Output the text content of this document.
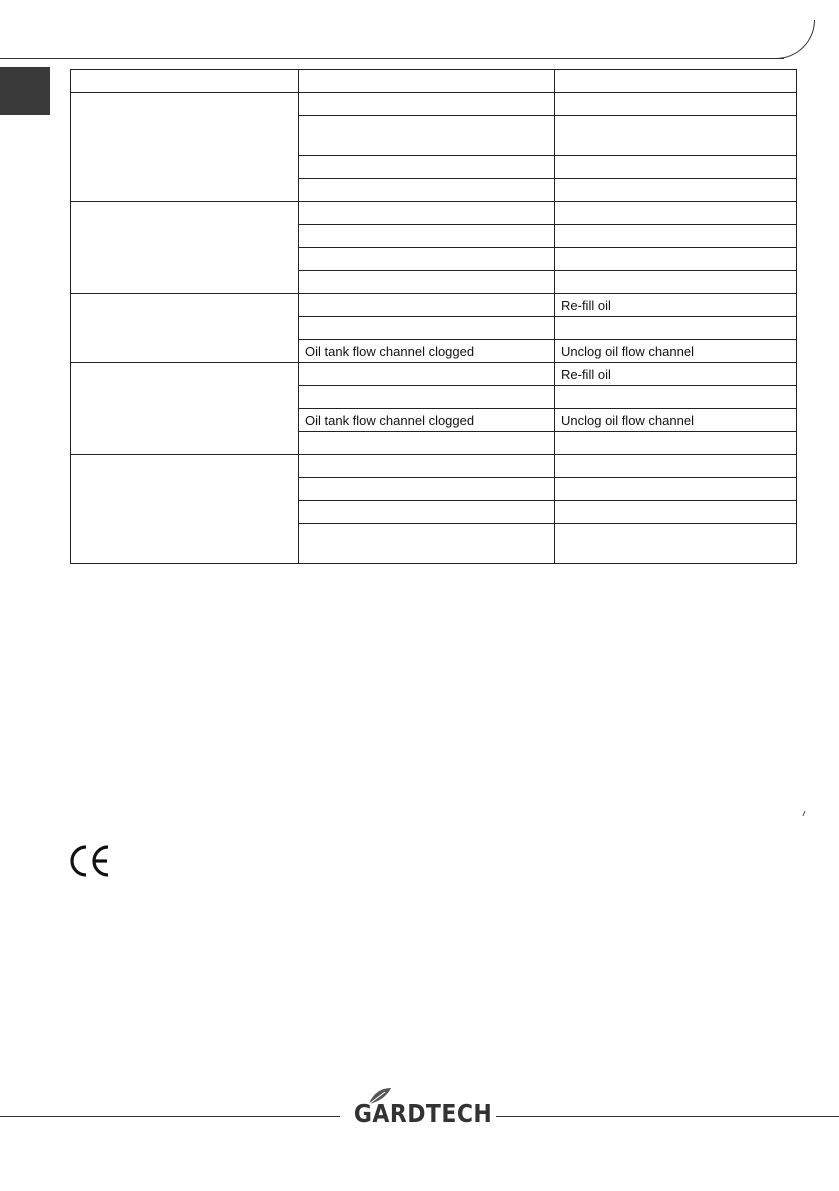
		Re-fill oil

	Oil tank flow channel clogged	Unclog oil flow channel
		Re-fill oil

	Oil tank flow channel clogged	Unclog oil flow channel

GARDTECH
